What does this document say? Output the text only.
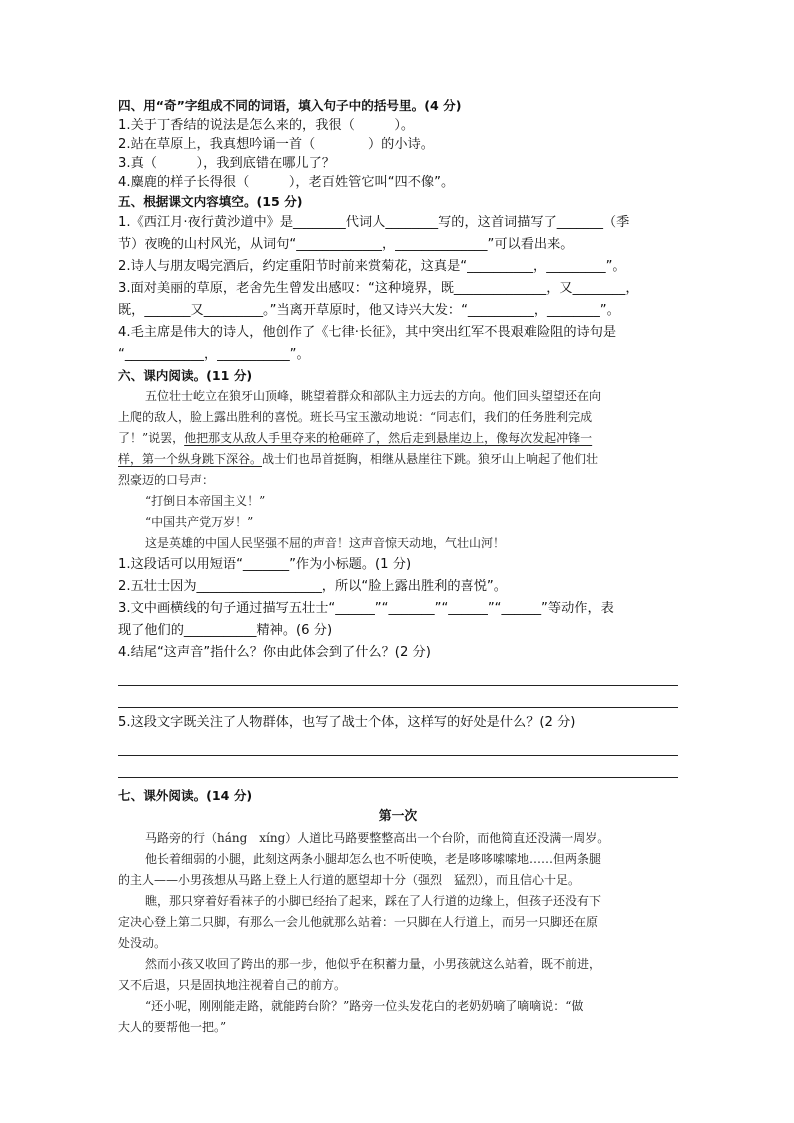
四、用“奇”字组成不同的词语，填入句子中的括号里。(4 分)

1.关于丁香结的说法是怎么来的，我很（　　　）。

2.站在草原上，我真想吟诵一首（　　　　）的小诗。

3.真（　　　），我到底错在哪儿了？

4.麋鹿的样子长得很（　　　），老百姓管它叫“四不像”。

五、根据课文内容填空。(15 分)

1.《西江月·夜行黄沙道中》是________代词人________写的，这首词描写了_______（季

节）夜晚的山村风光，从词句“_____________，______________”可以看出来。

2.诗人与朋友喝完酒后，约定重阳节时前来赏菊花，这真是“__________，_________”。

3.面对美丽的草原，老舍先生曾发出感叹：“这种境界，既______________，又________，

既，_______又_________。”当离开草原时，他又诗兴大发：“__________，________”。

4.毛主席是伟大的诗人，他创作了《七律·长征》，其中突出红军不畏艰难险阻的诗句是

“____________，___________”。

六、课内阅读。(11 分)
五位壮士屹立在狼牙山顶峰，眺望着群众和部队主力远去的方向。他们回头望望还在向
上爬的敌人，脸上露出胜利的喜悦。班长马宝玉激动地说：“同志们，我们的任务胜利完成
了！”说罢，他把那支从敌人手里夺来的枪砸碎了，然后走到悬崖边上，像每次发起冲锋一
样，第一个纵身跳下深谷。战士们也昂首挺胸，相继从悬崖往下跳。狼牙山上响起了他们壮
烈豪迈的口号声：
“打倒日本帝国主义！”
“中国共产党万岁！”
这是英雄的中国人民坚强不屈的声音！这声音惊天动地，气壮山河！

1.这段话可以用短语“_______”作为小标题。(1 分)

2.五壮士因为___________________，所以“脸上露出胜利的喜悦”。

3.文中画横线的句子通过描写五壮士“______”“_______”“______”“______”等动作，表

现了他们的___________精神。(6 分)

4.结尾“这声音”指什么？你由此体会到了什么？(2 分)

5.这段文字既关注了人物群体，也写了战士个体，这样写的好处是什么？(2 分)

七、课外阅读。(14 分)
第一次
马路旁的行（háng　xíng）人道比马路要整整高出一个台阶，而他简直还没满一周岁。
他长着细弱的小腿，此刻这两条小腿却怎么也不听使唤，老是哆哆嗦嗦地……但两条腿
的主人——小男孩想从马路上登上人行道的愿望却十分（强烈　猛烈），而且信心十足。
瞧，那只穿着好看袜子的小脚已经抬了起来，踩在了人行道的边缘上，但孩子还没有下
定决心登上第二只脚，有那么一会儿他就那么站着：一只脚在人行道上，而另一只脚还在原
处没动。
然而小孩又收回了跨出的那一步，他似乎在积蓄力量，小男孩就这么站着，既不前进，
又不后退，只是固执地注视着自己的前方。
“还小呢，刚刚能走路，就能跨台阶？”路旁一位头发花白的老奶奶嘀了嘀嘀说：“做
大人的要帮他一把。”
